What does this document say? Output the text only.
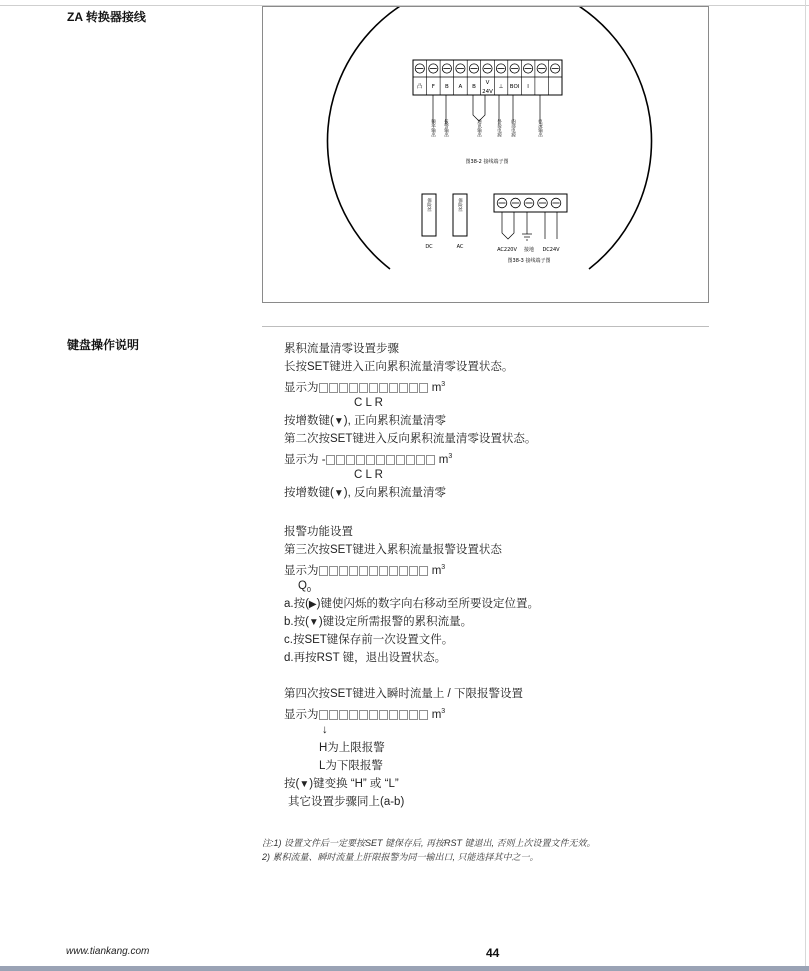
ZA 转换器接线
凸 F B A B
V
24V
⊥ BOI I
频率输出 报警输出	通讯输出	外接电源 内部电源	电流输出
图38-2 接线端子图
保险丝
DC
保险丝
AC	AC220V 接地 DC24V
图38-3 接线端子图
键盘操作说明	累积流量清零设置步骤
长按SET键进入正向累积流量清零设置状态。
显示为	$m^3$
C L R
按增数键(▼), 正向累积流量清零
第二次按SET键进入反向累积流量清零设置状态。
显示为 -	$m^3$
C L R
按增数键(▼), 反向累积流量清零
报警功能设置
第三次按SET键进入累积流量报警设置状态
显示为	$m^3$
$Q_0$
a.按(▶)键使闪烁的数字向右移动至所要设定位置。
b.按(▼)键设定所需报警的累积流量。
c.按SET键保存前一次设置文件。
d.再按RST 键，退出设置状态。
第四次按SET键进入瞬时流量上 / 下限报警设置
显示为	$m^3$
↓
H为上限报警
L为下限报警
按(▼)键变换 “H” 或 “L”
其它设置步骤同上(a-b)
注:1) 设置文件后一定要按SET 键保存后, 再按RST 键退出, 否则上次设置文件无效。
2) 累积流量、瞬时流量上肝限报警为同一输出口, 只能选择其中之一。
www.tiankang.com	44
